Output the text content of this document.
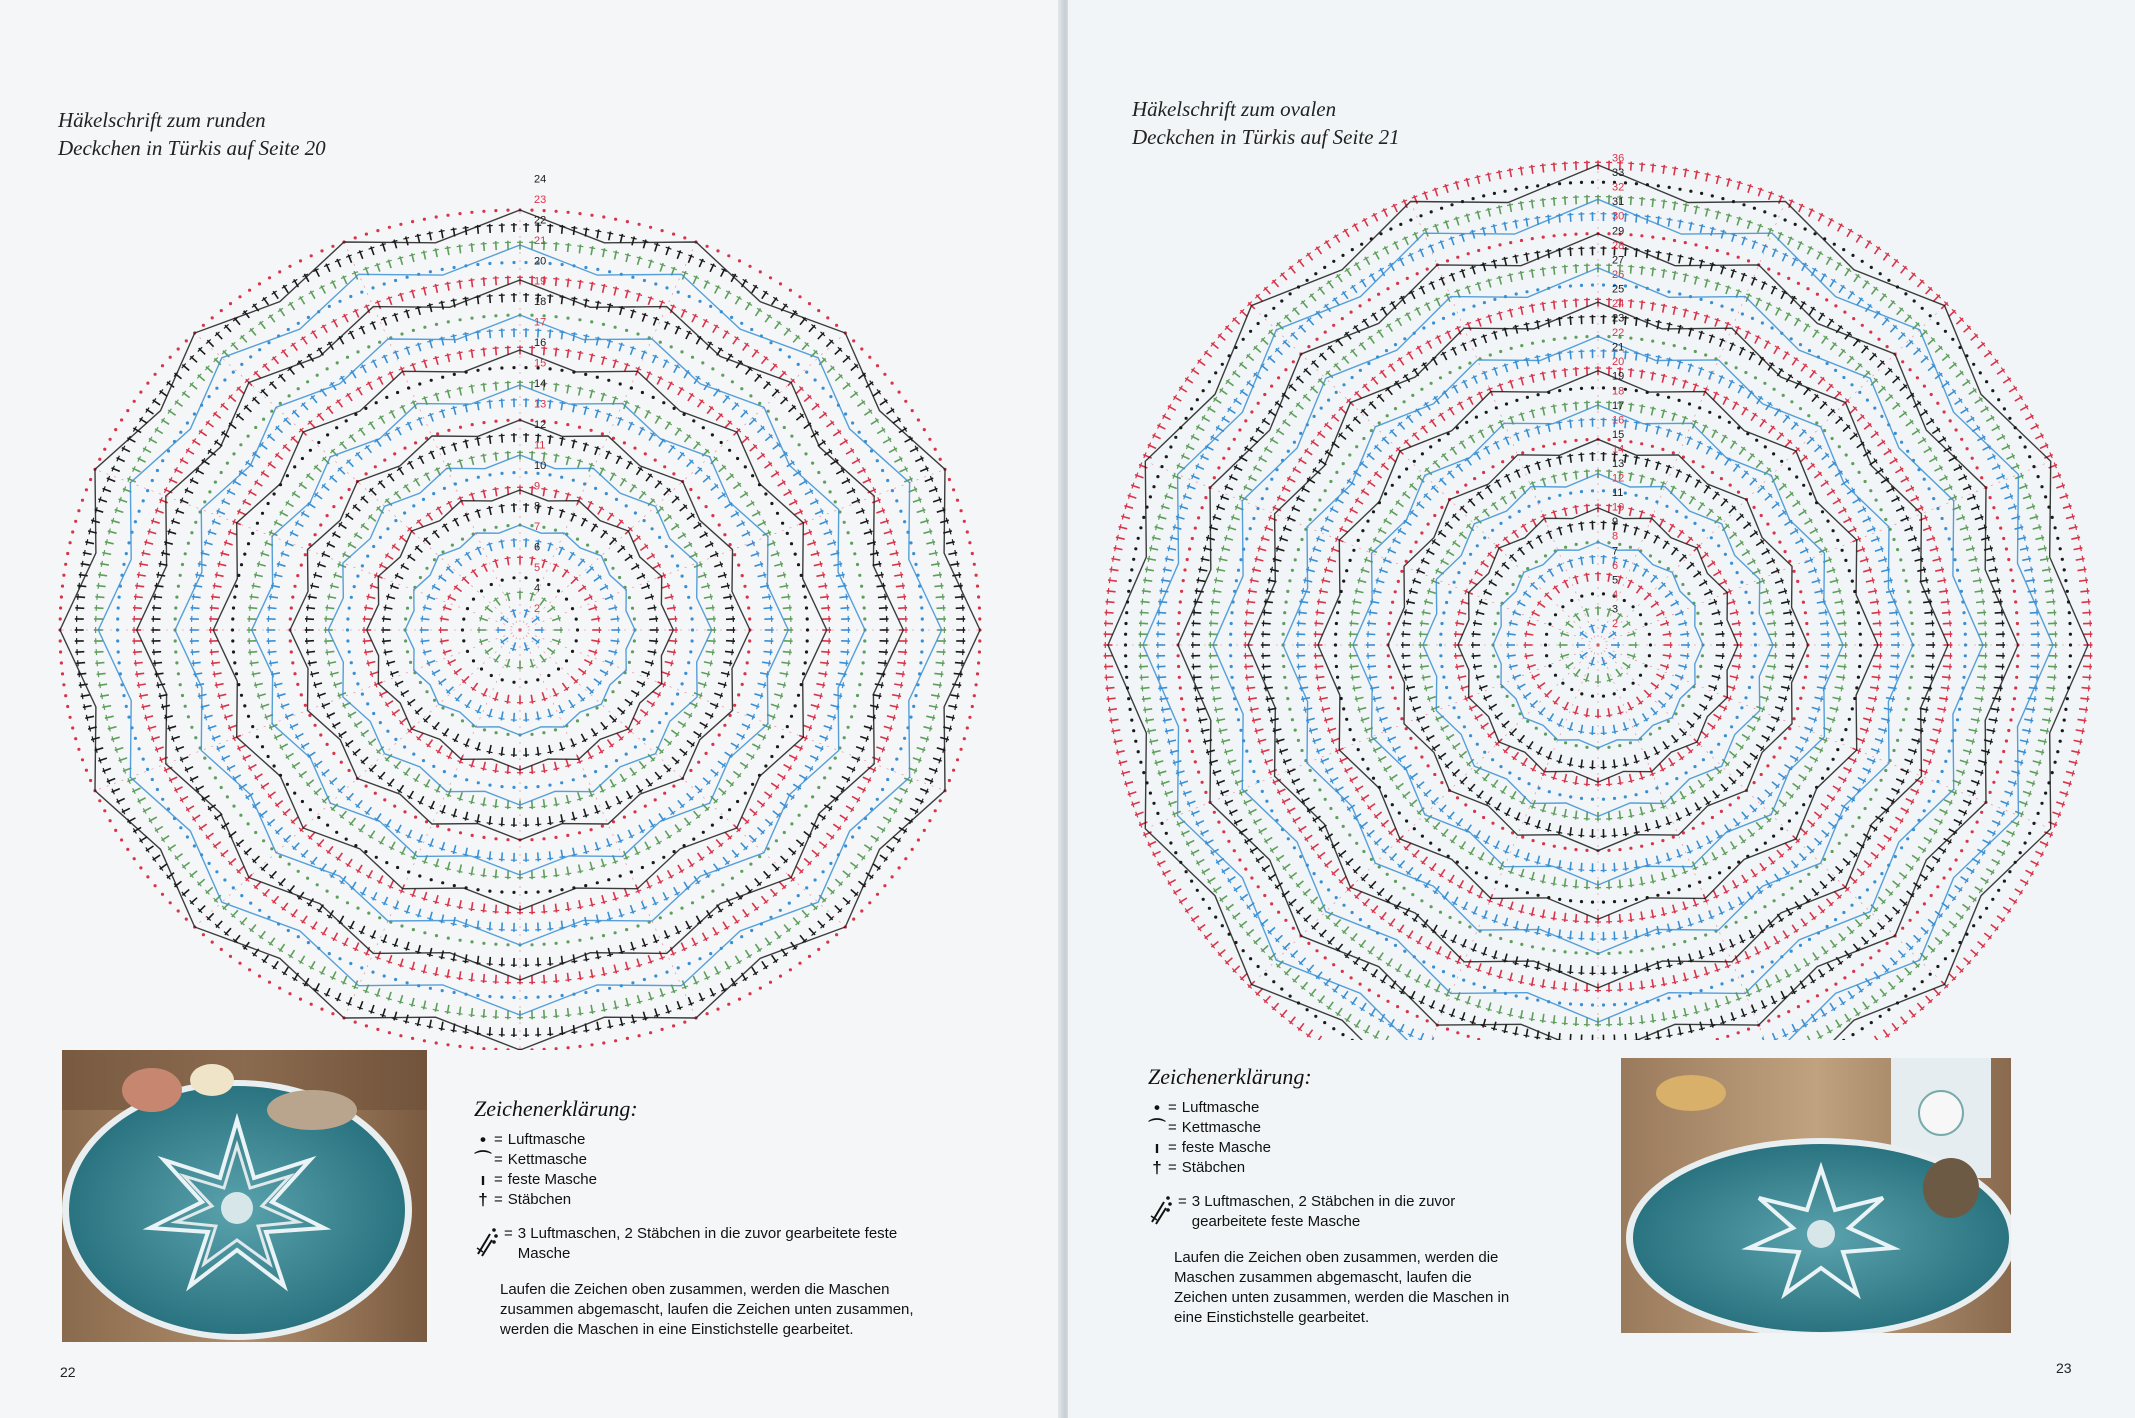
Häkelschrift zum runden
Deckchen in Türkis auf Seite 20
2
4
5
6
7
8
9
10
11
12
13
14
15
16
17
18
19
20
21
22
23
24
Zeichenerklärung:
• = Luftmasche
⌒ = Kettmasche
ı = feste Masche
† = Stäbchen
= 3 Luftmaschen, 2 Stäbchen in die zuvor gearbeitete feste Masche
Laufen die Zeichen oben zusammen, werden die Maschen zusammen abgemascht, laufen die Zeichen unten zusammen, werden die Maschen in eine Einstichstelle gearbeitet.
22
Häkelschrift zum ovalen
Deckchen in Türkis auf Seite 21
2
3
4
5
6
7
8
9
10
11
12
13
14
15
16
17
18
19
20
21
22
23
24
25
26
27
28
29
30
31
32
33
36
Zeichenerklärung:
• = Luftmasche
⌒ = Kettmasche
ı = feste Masche
† = Stäbchen
= 3 Luftmaschen, 2 Stäbchen in die zuvor gearbeitete feste Masche
Laufen die Zeichen oben zusammen, werden die Maschen zusammen abgemascht, laufen die Zeichen unten zusammen, werden die Maschen in eine Einstichstelle gearbeitet.
23
